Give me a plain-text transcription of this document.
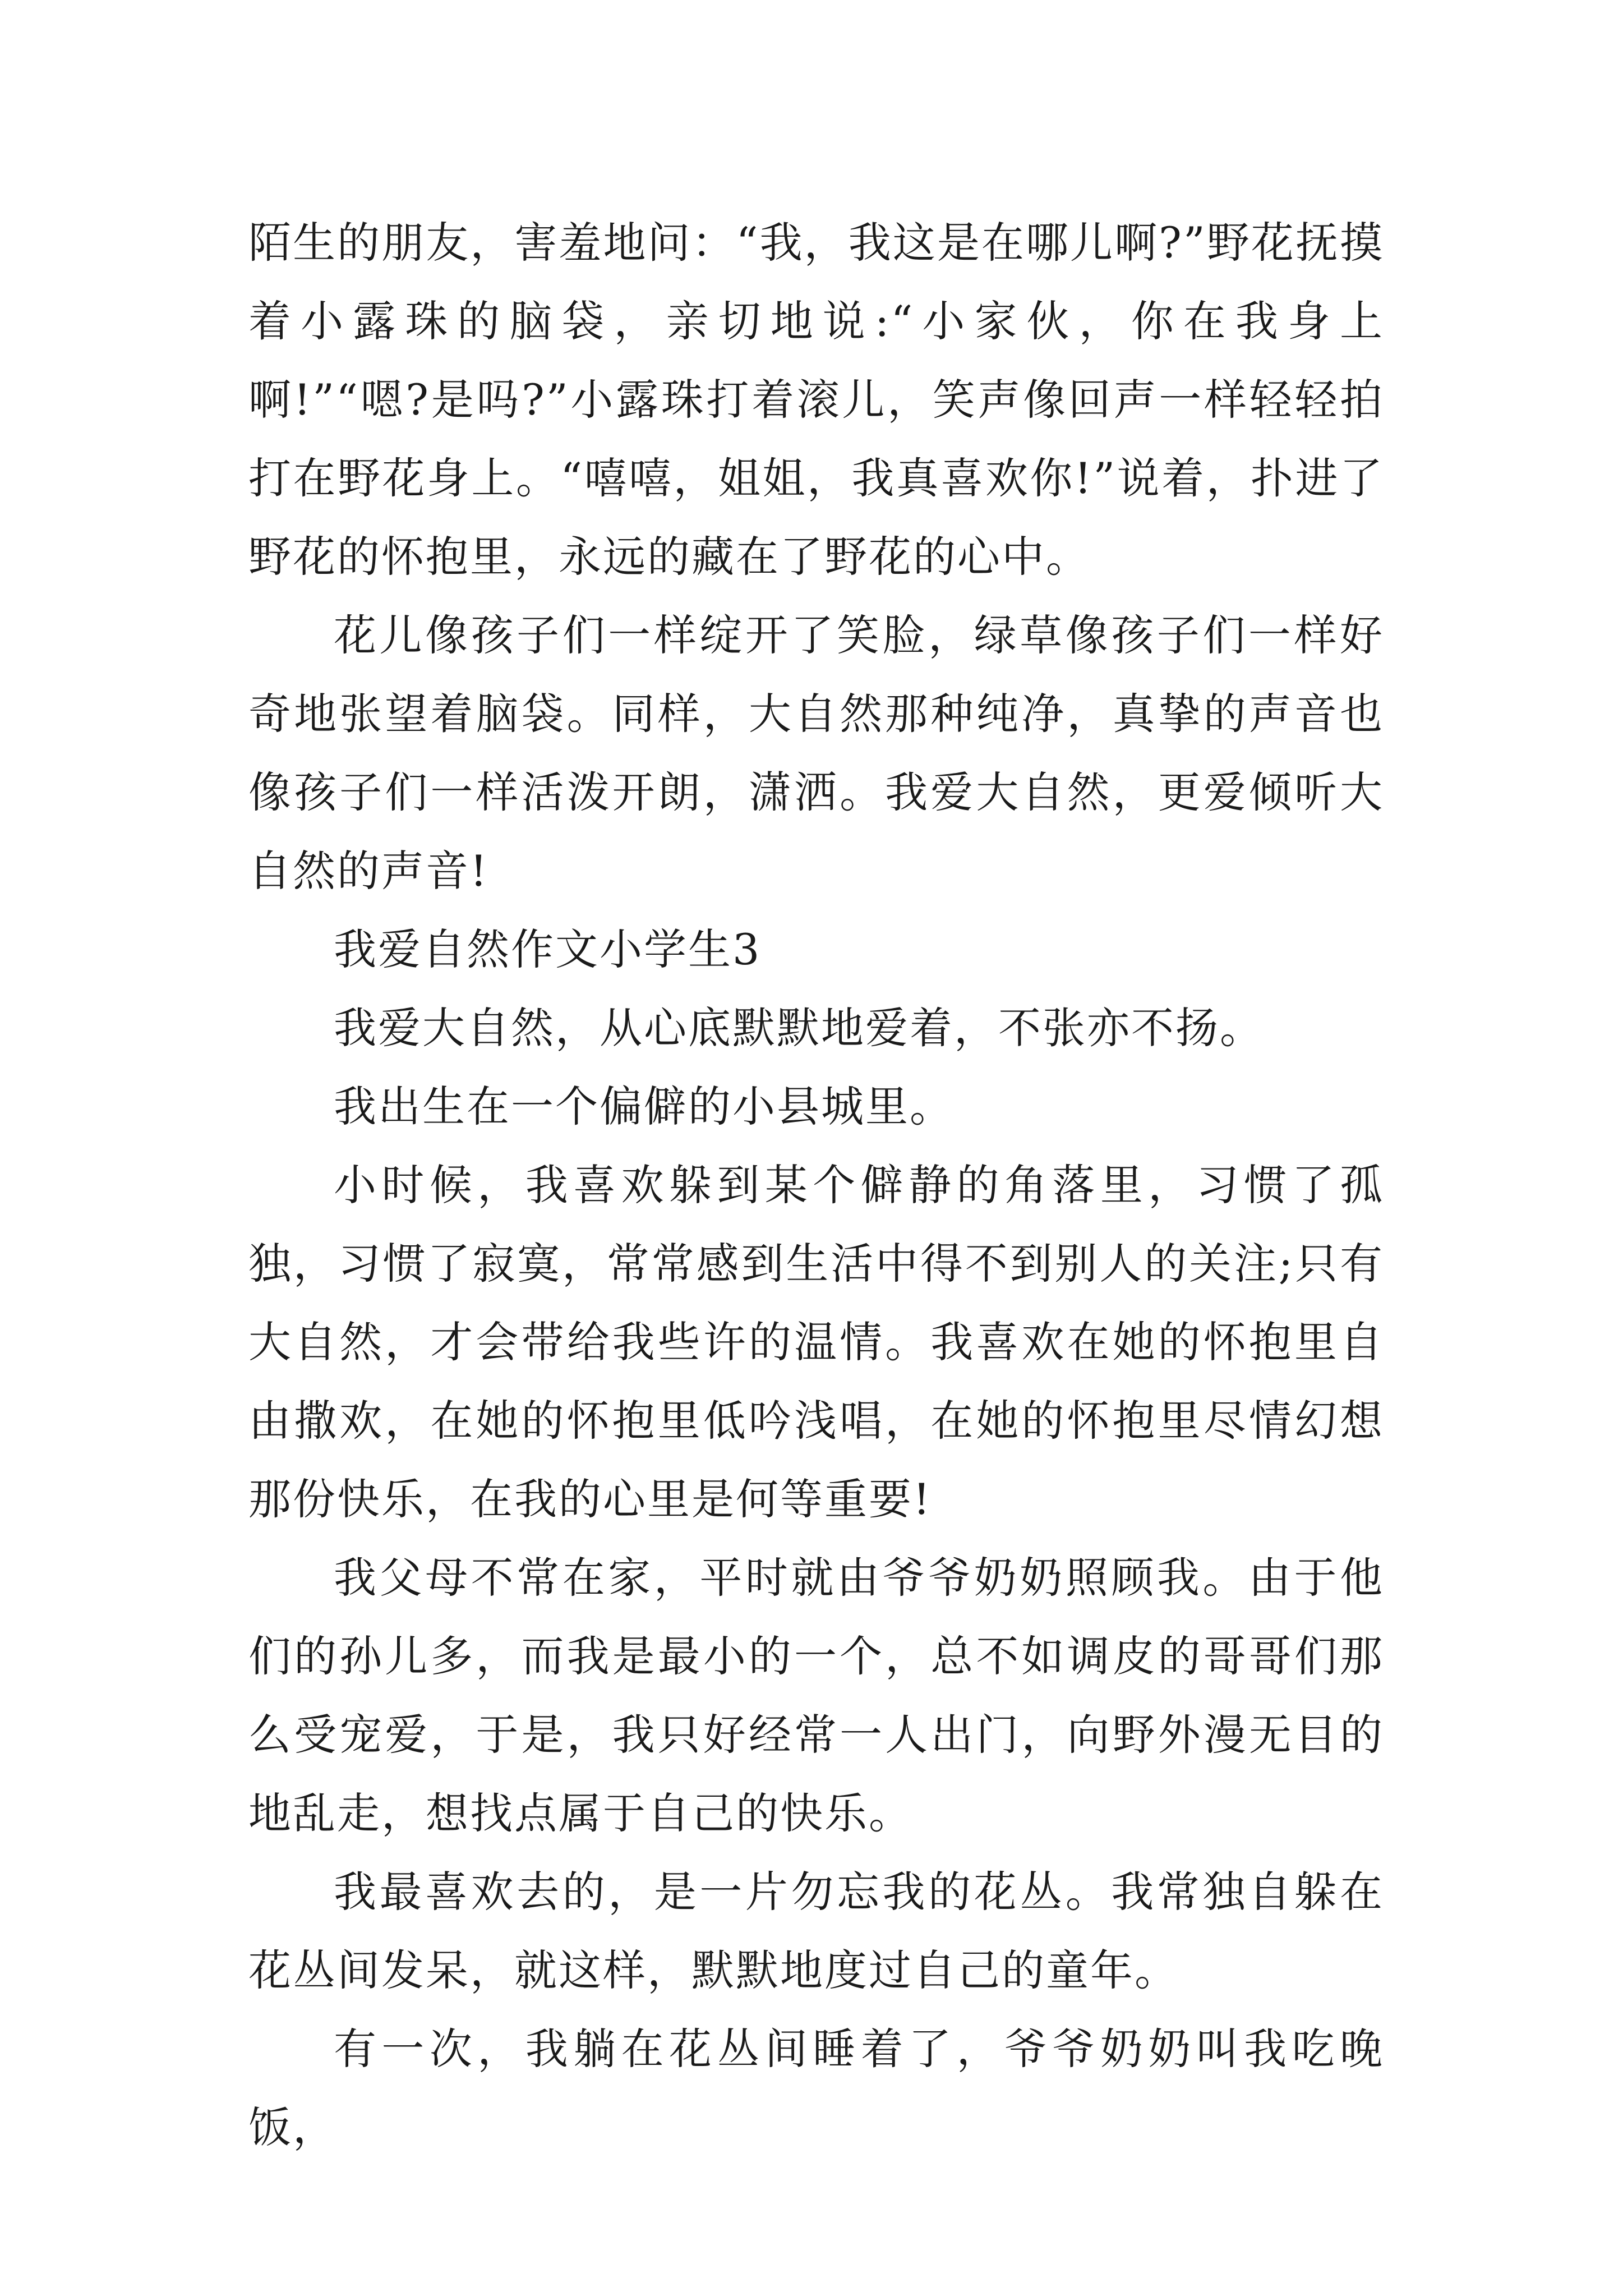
陌生的朋友，害羞地问：“我，我这是在哪儿啊?”野花抚摸着小露珠的脑袋，亲切地说:“小家伙，你在我身上啊!”“嗯?是吗?”小露珠打着滚儿，笑声像回声一样轻轻拍打在野花身上。“嘻嘻，姐姐，我真喜欢你!”说着，扑进了野花的怀抱里，永远的藏在了野花的心中。

花儿像孩子们一样绽开了笑脸，绿草像孩子们一样好奇地张望着脑袋。同样，大自然那种纯净，真挚的声音也像孩子们一样活泼开朗，潇洒。我爱大自然，更爱倾听大自然的声音!

我爱自然作文小学生3

我爱大自然，从心底默默地爱着，不张亦不扬。

我出生在一个偏僻的小县城里。

小时候，我喜欢躲到某个僻静的角落里，习惯了孤独，习惯了寂寞，常常感到生活中得不到别人的关注;只有大自然，才会带给我些许的温情。我喜欢在她的怀抱里自由撒欢，在她的怀抱里低吟浅唱，在她的怀抱里尽情幻想那份快乐，在我的心里是何等重要!

我父母不常在家，平时就由爷爷奶奶照顾我。由于他们的孙儿多，而我是最小的一个，总不如调皮的哥哥们那么受宠爱，于是，我只好经常一人出门，向野外漫无目的地乱走，想找点属于自己的快乐。

我最喜欢去的，是一片勿忘我的花丛。我常独自躲在花丛间发呆，就这样，默默地度过自己的童年。

有一次，我躺在花丛间睡着了，爷爷奶奶叫我吃晚饭，
